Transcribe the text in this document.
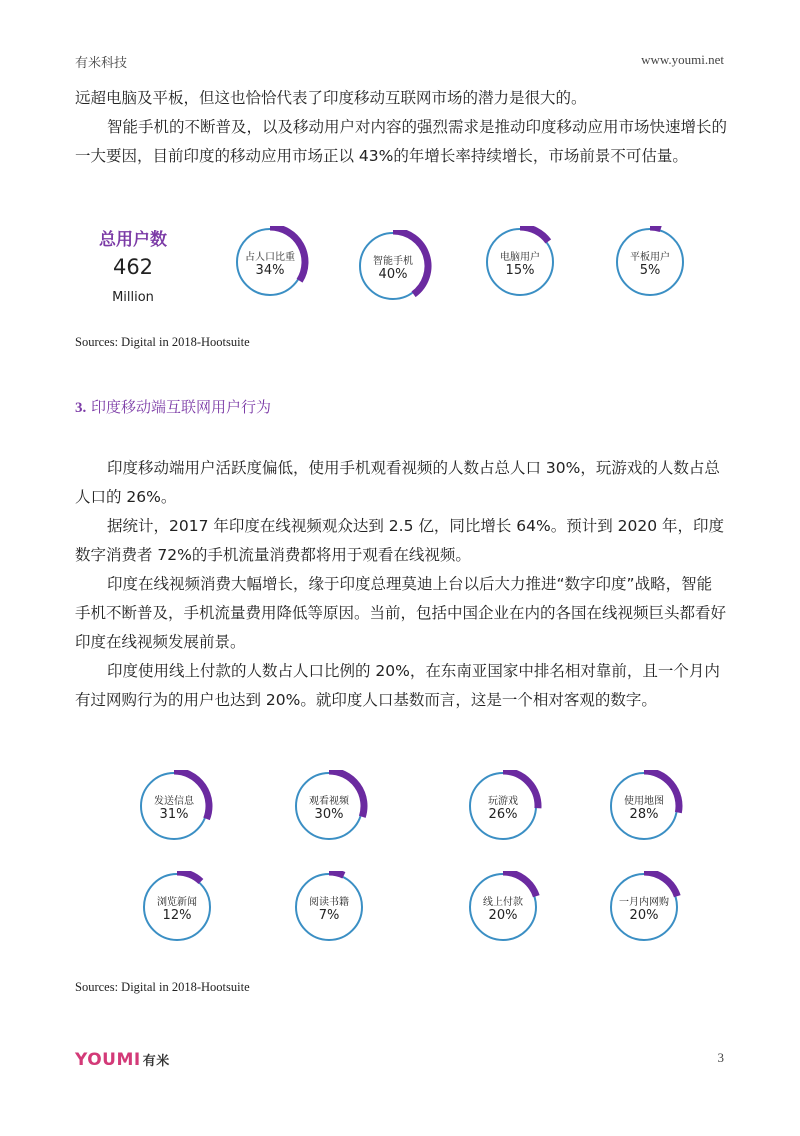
有米科技	www.youmi.net

远超电脑及平板，但这也恰恰代表了印度移动互联网市场的潜力是很大的。

智能手机的不断普及，以及移动用户对内容的强烈需求是推动印度移动应用市场快速增长的一大要因，目前印度的移动应用市场正以 43%的年增长率持续增长，市场前景不可估量。

总用户数
462
Million
占人口比重
34%
智能手机
40%
电脑用户
15%
平板用户
5%
Sources: Digital in 2018-Hootsuite
3. 印度移动端互联网用户行为

印度移动端用户活跃度偏低，使用手机观看视频的人数占总人口 30%，玩游戏的人数占总人口的 26%。

据统计，2017 年印度在线视频观众达到 2.5 亿，同比增长 64%。预计到 2020 年，印度数字消费者 72%的手机流量消费都将用于观看在线视频。

印度在线视频消费大幅增长，缘于印度总理莫迪上台以后大力推进“数字印度”战略，智能手机不断普及，手机流量费用降低等原因。当前，包括中国企业在内的各国在线视频巨头都看好印度在线视频发展前景。

印度使用线上付款的人数占人口比例的 20%，在东南亚国家中排名相对靠前，且一个月内有过网购行为的用户也达到 20%。就印度人口基数而言，这是一个相对客观的数字。

发送信息
31%
观看视频
30%
玩游戏
26%
使用地图
28%
浏览新闻
12%
阅读书籍
7%
线上付款
20%
一月内网购
20%
Sources: Digital in 2018-Hootsuite
YOUMI 有米	3
